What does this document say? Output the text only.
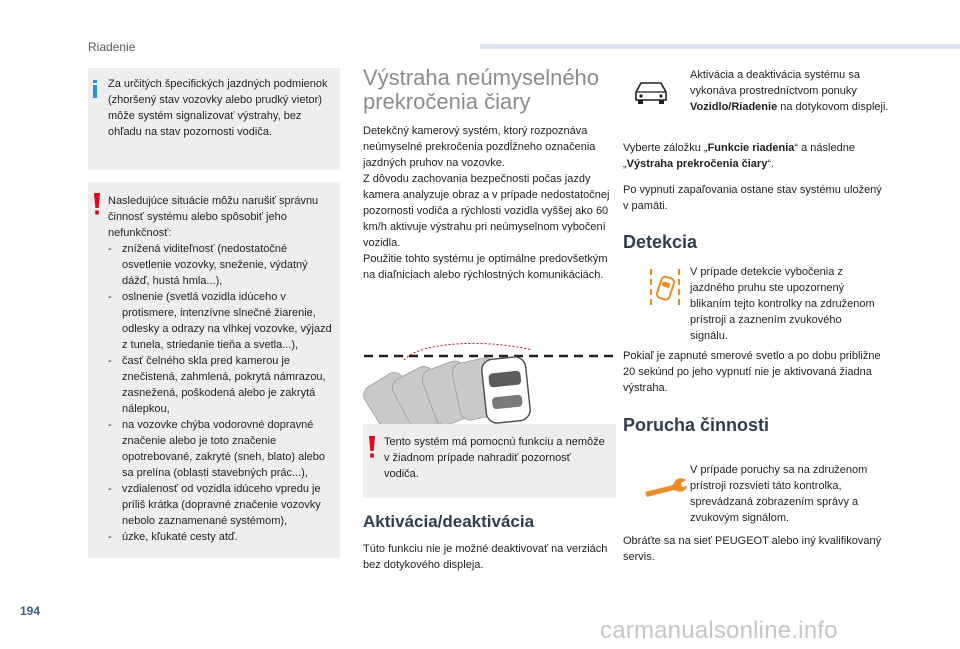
Riadenie
194
carmanualsonline.info
Za určitých špecifických jazdných podmienok (zhoršený stav vozovky alebo prudký vietor) môže systém signalizovať výstrahy, bez ohľadu na stav pozornosti vodiča.
Nasledujúce situácie môžu narušiť správnu činnosť systému alebo spôsobiť jeho nefunkčnosť:
- znížená viditeľnosť (nedostatočné osvetlenie vozovky, sneženie, výdatný dážď, hustá hmla...),
- oslnenie (svetlá vozidla idúceho v protismere, intenzívne slnečné žiarenie, odlesky a odrazy na vlhkej vozovke, výjazd z tunela, striedanie tieňa a svetla...),
- časť čelného skla pred kamerou je znečistená, zahmlená, pokrytá námrazou, zasnežená, poškodená alebo je zakrytá nálepkou,
- na vozovke chýba vodorovné dopravné značenie alebo je toto značenie opotrebované, zakryté (sneh, blato) alebo sa prelína (oblasti stavebných prác...),
- vzdialenosť od vozidla idúceho vpredu je príliš krátka (dopravné značenie vozovky nebolo zaznamenané systémom),
- úzke, kľukaté cesty atď.
Výstraha neúmyselného prekročenia čiary
Detekčný kamerový systém, ktorý rozpoznáva neúmyselné prekročenia pozdĺžneho označenia jazdných pruhov na vozovke.
Z dôvodu zachovania bezpečnosti počas jazdy kamera analyzuje obraz a v prípade nedostatočnej pozornosti vodiča a rýchlosti vozidla vyššej ako 60 km/h aktivuje výstrahu pri neúmyselnom vybočení vozidla.
Použitie tohto systému je optimálne predovšetkým na diaľniciach alebo rýchlostných komunikáciách.
Tento systém má pomocnú funkciu a nemôže v žiadnom prípade nahradiť pozornosť vodiča.
Aktivácia/deaktivácia
Túto funkciu nie je možné deaktivovať na verziách bez dotykového displeja.
Aktivácia a deaktivácia systému sa vykonáva prostredníctvom ponuky Vozidlo/Riadenie na dotykovom displeji.
Vyberte záložku „Funkcie riadenia“ a následne „Výstraha prekročenia čiary“.
Po vypnutí zapaľovania ostane stav systému uložený v pamäti.
Detekcia
V prípade detekcie vybočenia z jazdného pruhu ste upozornený blikaním tejto kontrolky na združenom prístroji a zaznením zvukového signálu.
Pokiaľ je zapnuté smerové svetlo a po dobu približne 20 sekúnd po jeho vypnutí nie je aktivovaná žiadna výstraha.
Porucha činnosti
V prípade poruchy sa na združenom prístroji rozsvieti táto kontrolka, sprevádzaná zobrazením správy a zvukovým signálom.
Obráťte sa na sieť PEUGEOT alebo iný kvalifikovaný servis.
